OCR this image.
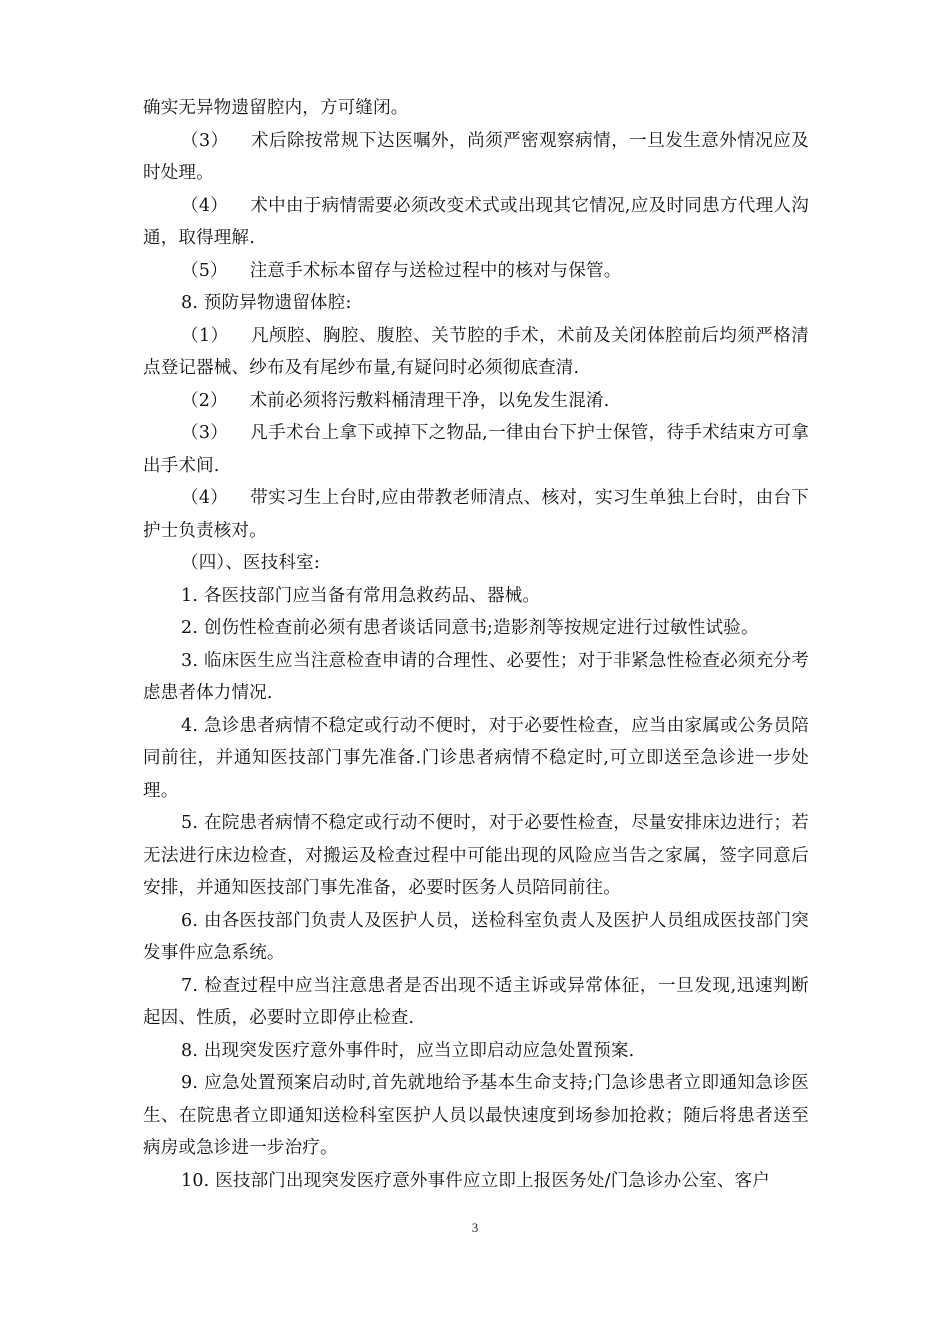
确实无异物遗留腔内，方可缝闭。

（3） 术后除按常规下达医嘱外，尚须严密观察病情，一旦发生意外情况应及时处理。

（4） 术中由于病情需要必须改变术式或出现其它情况,应及时同患方代理人沟通，取得理解.

（5） 注意手术标本留存与送检过程中的核对与保管。

8. 预防异物遗留体腔:

（1） 凡颅腔、胸腔、腹腔、关节腔的手术，术前及关闭体腔前后均须严格清点登记器械、纱布及有尾纱布量,有疑问时必须彻底查清.

（2） 术前必须将污敷料桶清理干净，以免发生混淆.

（3） 凡手术台上拿下或掉下之物品,一律由台下护士保管，待手术结束方可拿出手术间.

（4） 带实习生上台时,应由带教老师清点、核对，实习生单独上台时，由台下护士负责核对。

（四）、医技科室:

1. 各医技部门应当备有常用急救药品、器械。

2. 创伤性检查前必须有患者谈话同意书;造影剂等按规定进行过敏性试验。

3. 临床医生应当注意检查申请的合理性、必要性；对于非紧急性检查必须充分考虑患者体力情况.

4. 急诊患者病情不稳定或行动不便时，对于必要性检查，应当由家属或公务员陪同前往，并通知医技部门事先准备.门诊患者病情不稳定时,可立即送至急诊进一步处理。

5. 在院患者病情不稳定或行动不便时，对于必要性检查，尽量安排床边进行；若无法进行床边检查，对搬运及检查过程中可能出现的风险应当告之家属，签字同意后安排，并通知医技部门事先准备，必要时医务人员陪同前往。

6. 由各医技部门负责人及医护人员，送检科室负责人及医护人员组成医技部门突发事件应急系统。

7. 检查过程中应当注意患者是否出现不适主诉或异常体征，一旦发现,迅速判断起因、性质，必要时立即停止检查.

8. 出现突发医疗意外事件时，应当立即启动应急处置预案.

9. 应急处置预案启动时,首先就地给予基本生命支持;门急诊患者立即通知急诊医生、在院患者立即通知送检科室医护人员以最快速度到场参加抢救；随后将患者送至病房或急诊进一步治疗。

10. 医技部门出现突发医疗意外事件应立即上报医务处/门急诊办公室、客户

3
